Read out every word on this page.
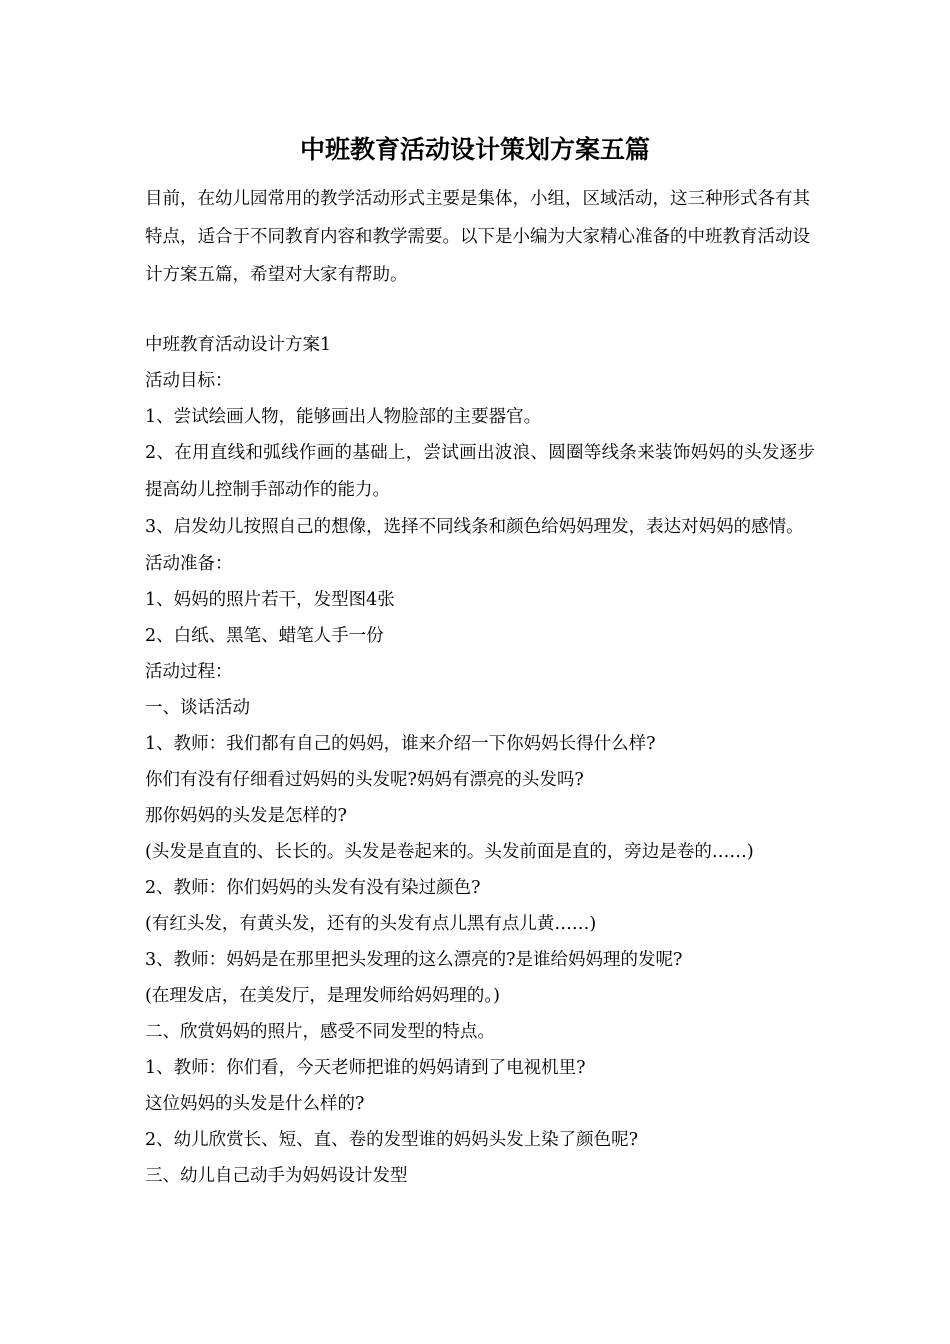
中班教育活动设计策划方案五篇

目前，在幼儿园常用的教学活动形式主要是集体，小组，区域活动，这三种形式各有其特点，适合于不同教育内容和教学需要。以下是小编为大家精心准备的中班教育活动设计方案五篇，希望对大家有帮助。

中班教育活动设计方案1
活动目标：
1、尝试绘画人物，能够画出人物脸部的主要器官。
2、在用直线和弧线作画的基础上，尝试画出波浪、圆圈等线条来装饰妈妈的头发逐步提高幼儿控制手部动作的能力。
3、启发幼儿按照自己的想像，选择不同线条和颜色给妈妈理发，表达对妈妈的感情。
活动准备：
1、妈妈的照片若干，发型图4张
2、白纸、黑笔、蜡笔人手一份
活动过程：
一、谈话活动
1、教师：我们都有自己的妈妈，谁来介绍一下你妈妈长得什么样?
你们有没有仔细看过妈妈的头发呢?妈妈有漂亮的头发吗?
那你妈妈的头发是怎样的?
(头发是直直的、长长的。头发是卷起来的。头发前面是直的，旁边是卷的……)
2、教师：你们妈妈的头发有没有染过颜色?
(有红头发，有黄头发，还有的头发有点儿黑有点儿黄……)
3、教师：妈妈是在那里把头发理的这么漂亮的?是谁给妈妈理的发呢?
(在理发店，在美发厅，是理发师给妈妈理的。)
二、欣赏妈妈的照片，感受不同发型的特点。
1、教师：你们看，今天老师把谁的妈妈请到了电视机里?
这位妈妈的头发是什么样的?
2、幼儿欣赏长、短、直、卷的发型谁的妈妈头发上染了颜色呢?
三、幼儿自己动手为妈妈设计发型
